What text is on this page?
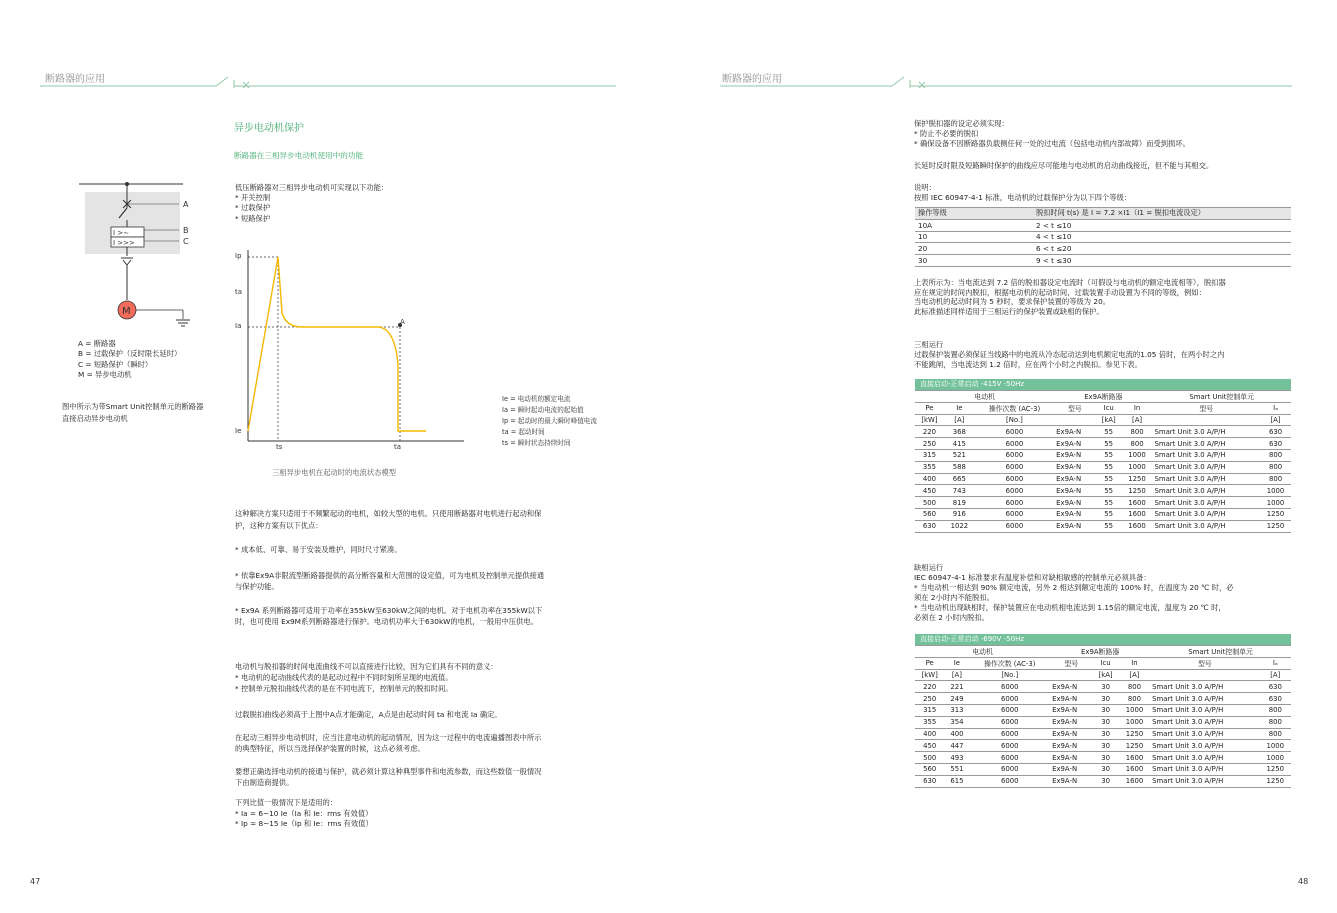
断路器的应用
异步电动机保护
断路器在三相异步电动机使用中的功能
I >∼
I >>>
A
B
C
M
A = 断路器
B = 过载保护（反时限长延时）
C = 短路保护（瞬时）
M = 异步电动机
图中所示为带Smart Unit控制单元的断路器
直接启动异步电动机
低压断路器对三相异步电动机可实现以下功能：
* 开关控制
* 过载保护
* 短路保护
Ip
ta
Ia
Ie
ts	ta
A
Ie = 电动机的额定电流
Ia = 瞬时起动电流的起始值
Ip = 起动时的最大瞬时峰值电流
ta = 起动时间
ts = 瞬时状态持续时间
三相异步电机在起动时的电流状态模型
这种解决方案只适用于不频繁起动的电机，如较大型的电机。只使用断路器对电机进行起动和保
护，这种方案有以下优点：
* 成本低、可靠、易于安装及维护，同时尺寸紧凑。
* 依靠Ex9A非限流型断路器提供的高分断容量和大范围的设定值，可为电机及控制单元提供接通
与保护功能。
* Ex9A 系列断路器可适用于功率在355kW至630kW之间的电机。对于电机功率在355kW以下
时，也可使用 Ex9M系列断路器进行保护。电动机功率大于630kW的电机，一般用中压供电。
电动机与脱扣器的时间电流曲线不可以直接进行比较，因为它们具有不同的意义：
* 电动机的起动曲线代表的是起动过程中不同时刻所呈现的电流值。
* 控制单元脱扣曲线代表的是在不同电流下，控制单元的脱扣时间。
过载脱扣曲线必须高于上图中A点才能确定，A点是由起动时间 ta 和电流 Ia 确定。
在起动三相异步电动机时，应当注意电动机的起动情况，因为这一过程中的电流遍播图表中所示
的典型特征，所以当选择保护装置的时候，这点必须考虑。
要想正确选择电动机的接通与保护，就必须计算这种典型事件和电流参数，而这些数值一般情况
下由制造商提供。
下列比值一般情况下是适用的：
* Ia = 6~10 Ie（Ia 和 Ie：rms 有效值）
* Ip = 8~15 Ie（Ip 和 Ie：rms 有效值）
47
断路器的应用
保护脱扣器的设定必须实现：
* 防止不必要的脱扣
* 确保设备不因断路器负载侧任何一处的过电流（包括电动机内部故障）而受到损坏。
长延时反时限及短路瞬时保护的曲线应尽可能地与电动机的启动曲线接近，但不能与其相交。
说明：
按照 IEC 60947-4-1 标准，电动机的过载保护分为以下四个等级：
操作等级	脱扣时间 t(s) 是 I = 7.2 ×I1（I1 = 脱扣电流设定）
10A	2 < t ≤10
10	4 < t ≤10
20	6 < t ≤20
30	9 < t ≤30
上表所示为：当电流达到 7.2 倍的脱扣器设定电流时（可假设与电动机的额定电流相等），脱扣器
应在规定的时间内脱扣，根据电动机的起动时间，过载装置手动设置为不同的等级，例如：
当电动机的起动时间为 5 秒时，要求保护装置的等级为 20。
此标准描述同样适用于三相运行的保护装置或缺相的保护。
三相运行
过载保护装置必须保证当线路中的电流从冷态起动达到电机额定电流的1.05 倍时，在两小时之内
不能跳闸，当电流达到 1.2 倍时，应在两个小时之内脱扣。参见下表。
直接启动-正常启动 -415V -50Hz
电动机			Ex9A断路器			Smart Unit控制单元	
Pe	Ie	操作次数 (AC-3)	型号	Icu	In	型号	Iₐ
[kW]	[A]	[No.]		[kA]	[A]		[A]
220	368	6000	Ex9A-N	55	800	Smart Unit 3.0 A/P/H	630
250	415	6000	Ex9A-N	55	800	Smart Unit 3.0 A/P/H	630
315	521	6000	Ex9A-N	55	1000	Smart Unit 3.0 A/P/H	800
355	588	6000	Ex9A-N	55	1000	Smart Unit 3.0 A/P/H	800
400	665	6000	Ex9A-N	55	1250	Smart Unit 3.0 A/P/H	800
450	743	6000	Ex9A-N	55	1250	Smart Unit 3.0 A/P/H	1000
500	819	6000	Ex9A-N	55	1600	Smart Unit 3.0 A/P/H	1000
560	916	6000	Ex9A-N	55	1600	Smart Unit 3.0 A/P/H	1250
630	1022	6000	Ex9A-N	55	1600	Smart Unit 3.0 A/P/H	1250
缺相运行
IEC 60947-4-1 标准要求有温度补偿和对缺相敏感的控制单元必须具备：
* 当电动机一相达到 90% 额定电流，另外 2 相达到额定电流的 100% 时，在温度为 20 ℃ 时，必
须在 2小时内不能脱扣。
* 当电动机出现缺相时，保护装置应在电动机相电流达到 1.15倍的额定电流，温度为 20 ℃ 时，
必须在 2 小时内脱扣。
直接启动-正常启动 -690V -50Hz
电动机			Ex9A断路器			Smart Unit控制单元	
Pe	Ie	操作次数 (AC-3)	型号	Icu	In	型号	Iₐ
[kW]	[A]	[No.]		[kA]	[A]		[A]
220	221	6000	Ex9A-N	30	800	Smart Unit 3.0 A/P/H	630
250	249	6000	Ex9A-N	30	800	Smart Unit 3.0 A/P/H	630
315	313	6000	Ex9A-N	30	1000	Smart Unit 3.0 A/P/H	800
355	354	6000	Ex9A-N	30	1000	Smart Unit 3.0 A/P/H	800
400	400	6000	Ex9A-N	30	1250	Smart Unit 3.0 A/P/H	800
450	447	6000	Ex9A-N	30	1250	Smart Unit 3.0 A/P/H	1000
500	493	6000	Ex9A-N	30	1600	Smart Unit 3.0 A/P/H	1000
560	551	6000	Ex9A-N	30	1600	Smart Unit 3.0 A/P/H	1250
630	615	6000	Ex9A-N	30	1600	Smart Unit 3.0 A/P/H	1250
48
